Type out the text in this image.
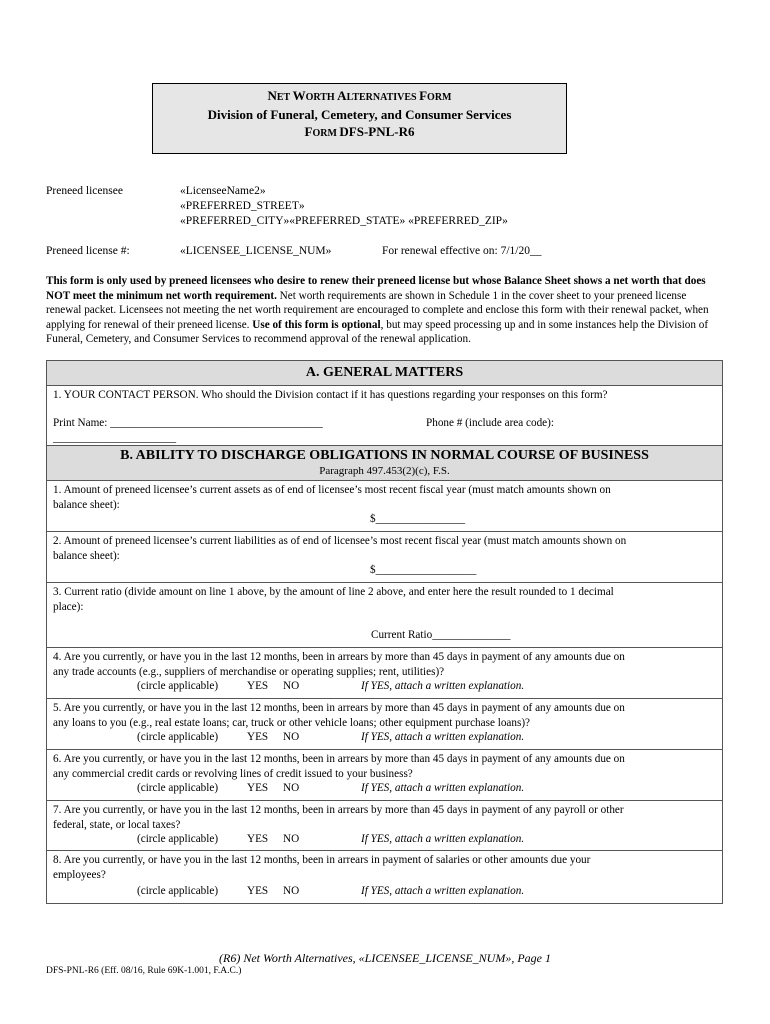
NET WORTH ALTERNATIVES FORM
Division of Funeral, Cemetery, and Consumer Services
FORM DFS-PNL-R6
Preneed licensee	«LicenseeName2»
«PREFERRED_STREET»
«PREFERRED_CITY»«PREFERRED_STATE» «PREFERRED_ZIP»
Preneed license #:	«LICENSEE_LICENSE_NUM»	For renewal effective on: 7/1/20__
This form is only used by preneed licensees who desire to renew their preneed license but whose Balance Sheet shows a net worth that does NOT meet the minimum net worth requirement. Net worth requirements are shown in Schedule 1 in the cover sheet to your preneed license renewal packet. Licensees not meeting the net worth requirement are encouraged to complete and enclose this form with their renewal packet, when applying for renewal of their preneed license. Use of this form is optional, but may speed processing up and in some instances help the Division of Funeral, Cemetery, and Consumer Services to recommend approval of the renewal application.
A. GENERAL MATTERS
1. YOUR CONTACT PERSON. Who should the Division contact if it has questions regarding your responses on this form?
Print Name: ______________________________________	Phone # (include area code):
______________________
B. ABILITY TO DISCHARGE OBLIGATIONS IN NORMAL COURSE OF BUSINESS
Paragraph 497.453(2)(c), F.S.
1. Amount of preneed licensee’s current assets as of end of licensee’s most recent fiscal year (must match amounts shown on
balance sheet):
$________________
2. Amount of preneed licensee’s current liabilities as of end of licensee’s most recent fiscal year (must match amounts shown on
balance sheet):
$__________________
3. Current ratio (divide amount on line 1 above, by the amount of line 2 above, and enter here the result rounded to 1 decimal
place):
Current Ratio______________
4. Are you currently, or have you in the last 12 months, been in arrears by more than 45 days in payment of any amounts due on
any trade accounts (e.g., suppliers of merchandise or operating supplies; rent, utilities)?
(circle applicable)	YES NO	If YES, attach a written explanation.
5. Are you currently, or have you in the last 12 months, been in arrears by more than 45 days in payment of any amounts due on
any loans to you (e.g., real estate loans; car, truck or other vehicle loans; other equipment purchase loans)?
(circle applicable)	YES NO	If YES, attach a written explanation.
6. Are you currently, or have you in the last 12 months, been in arrears by more than 45 days in payment of any amounts due on
any commercial credit cards or revolving lines of credit issued to your business?
(circle applicable)	YES NO	If YES, attach a written explanation.
7. Are you currently, or have you in the last 12 months, been in arrears by more than 45 days in payment of any payroll or other
federal, state, or local taxes?
(circle applicable)	YES NO	If YES, attach a written explanation.
8. Are you currently, or have you in the last 12 months, been in arrears in payment of salaries or other amounts due your
employees?
(circle applicable)	YES NO	If YES, attach a written explanation.
(R6) Net Worth Alternatives, «LICENSEE_LICENSE_NUM», Page 1
DFS-PNL-R6 (Eff. 08/16, Rule 69K-1.001, F.A.C.)
